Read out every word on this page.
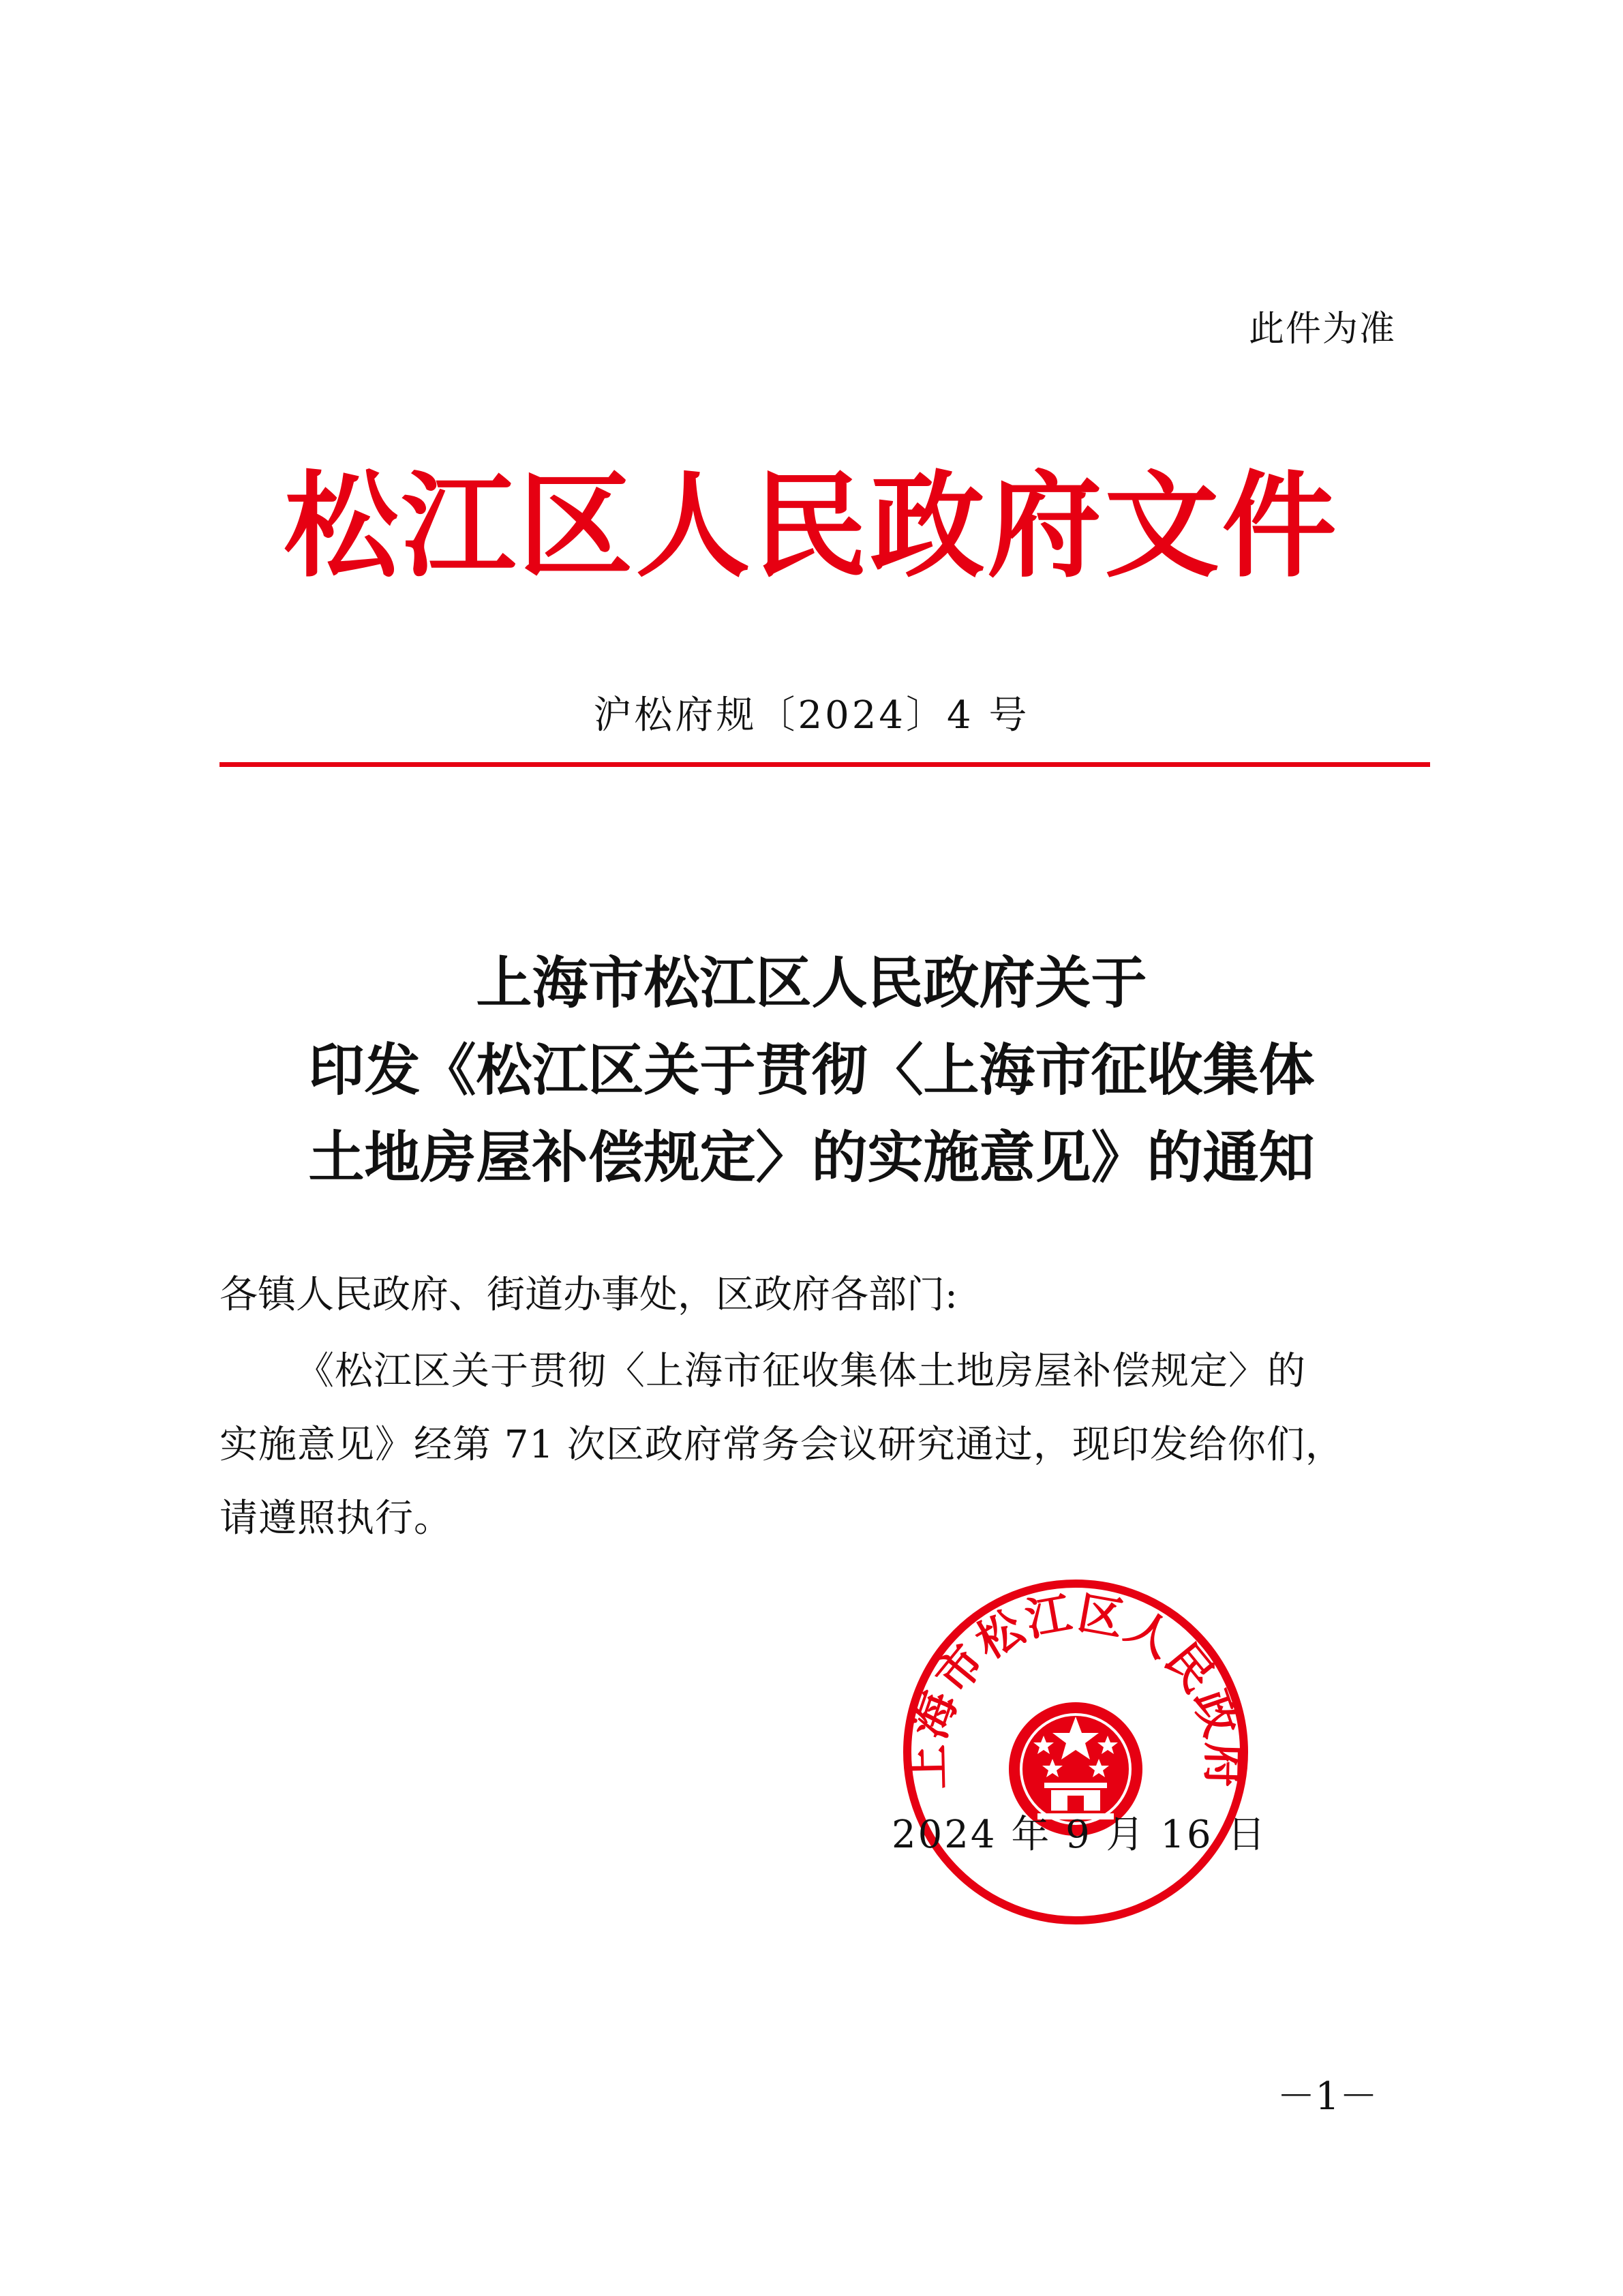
此件为准
松江区人民政府文件
沪松府规〔2024〕4 号
上海市松江区人民政府关于
印发《松江区关于贯彻〈上海市征收集体
土地房屋补偿规定〉的实施意见》的通知
各镇人民政府、街道办事处，区政府各部门:
《松江区关于贯彻〈上海市征收集体土地房屋补偿规定〉的
实施意见》经第 71 次区政府常务会议研究通过，现印发给你们，
请遵照执行。
上海市松江区人民政府
2024 年 9 月 16 日
－1－
